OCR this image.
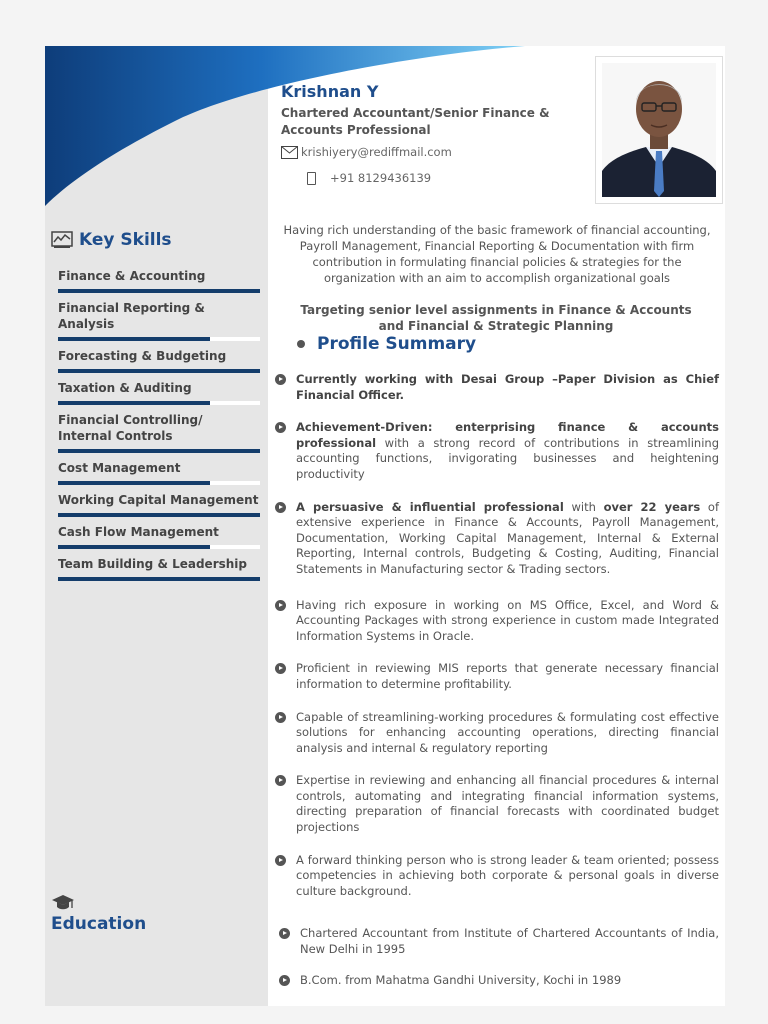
Krishnan Y
Chartered Accountant/Senior Finance & Accounts Professional
krishiyery@rediffmail.com
+91 8129436139
Key Skills
Finance & Accounting
Financial Reporting & Analysis
Forecasting & Budgeting
Taxation & Auditing
Financial Controlling/ Internal Controls
Cost Management
Working Capital Management
Cash Flow Management
Team Building & Leadership
Education
Having rich understanding of the basic framework of financial accounting, Payroll Management, Financial Reporting & Documentation with firm contribution in formulating financial policies & strategies for the organization with an aim to accomplish organizational goals
Targeting senior level assignments in Finance & Accounts and Financial & Strategic Planning
Profile Summary
Currently working with Desai Group –Paper Division as Chief Financial Officer.
Achievement-Driven: enterprising finance & accounts professional with a strong record of contributions in streamlining accounting functions, invigorating businesses and heightening productivity
A persuasive & influential professional with over 22 years of extensive experience in Finance & Accounts, Payroll Management, Documentation, Working Capital Management, Internal & External Reporting, Internal controls, Budgeting & Costing, Auditing, Financial Statements in Manufacturing sector & Trading sectors.
Having rich exposure in working on MS Office, Excel, and Word & Accounting Packages with strong experience in custom made Integrated Information Systems in Oracle.
Proficient in reviewing MIS reports that generate necessary financial information to determine profitability.
Capable of streamlining-working procedures & formulating cost effective solutions for enhancing accounting operations, directing financial analysis and internal & regulatory reporting
Expertise in reviewing and enhancing all financial procedures & internal controls, automating and integrating financial information systems, directing preparation of financial forecasts with coordinated budget projections
A forward thinking person who is strong leader & team oriented; possess competencies in achieving both corporate & personal goals in diverse culture background.
Chartered Accountant from Institute of Chartered Accountants of India, New Delhi in 1995
B.Com. from Mahatma Gandhi University, Kochi in 1989
